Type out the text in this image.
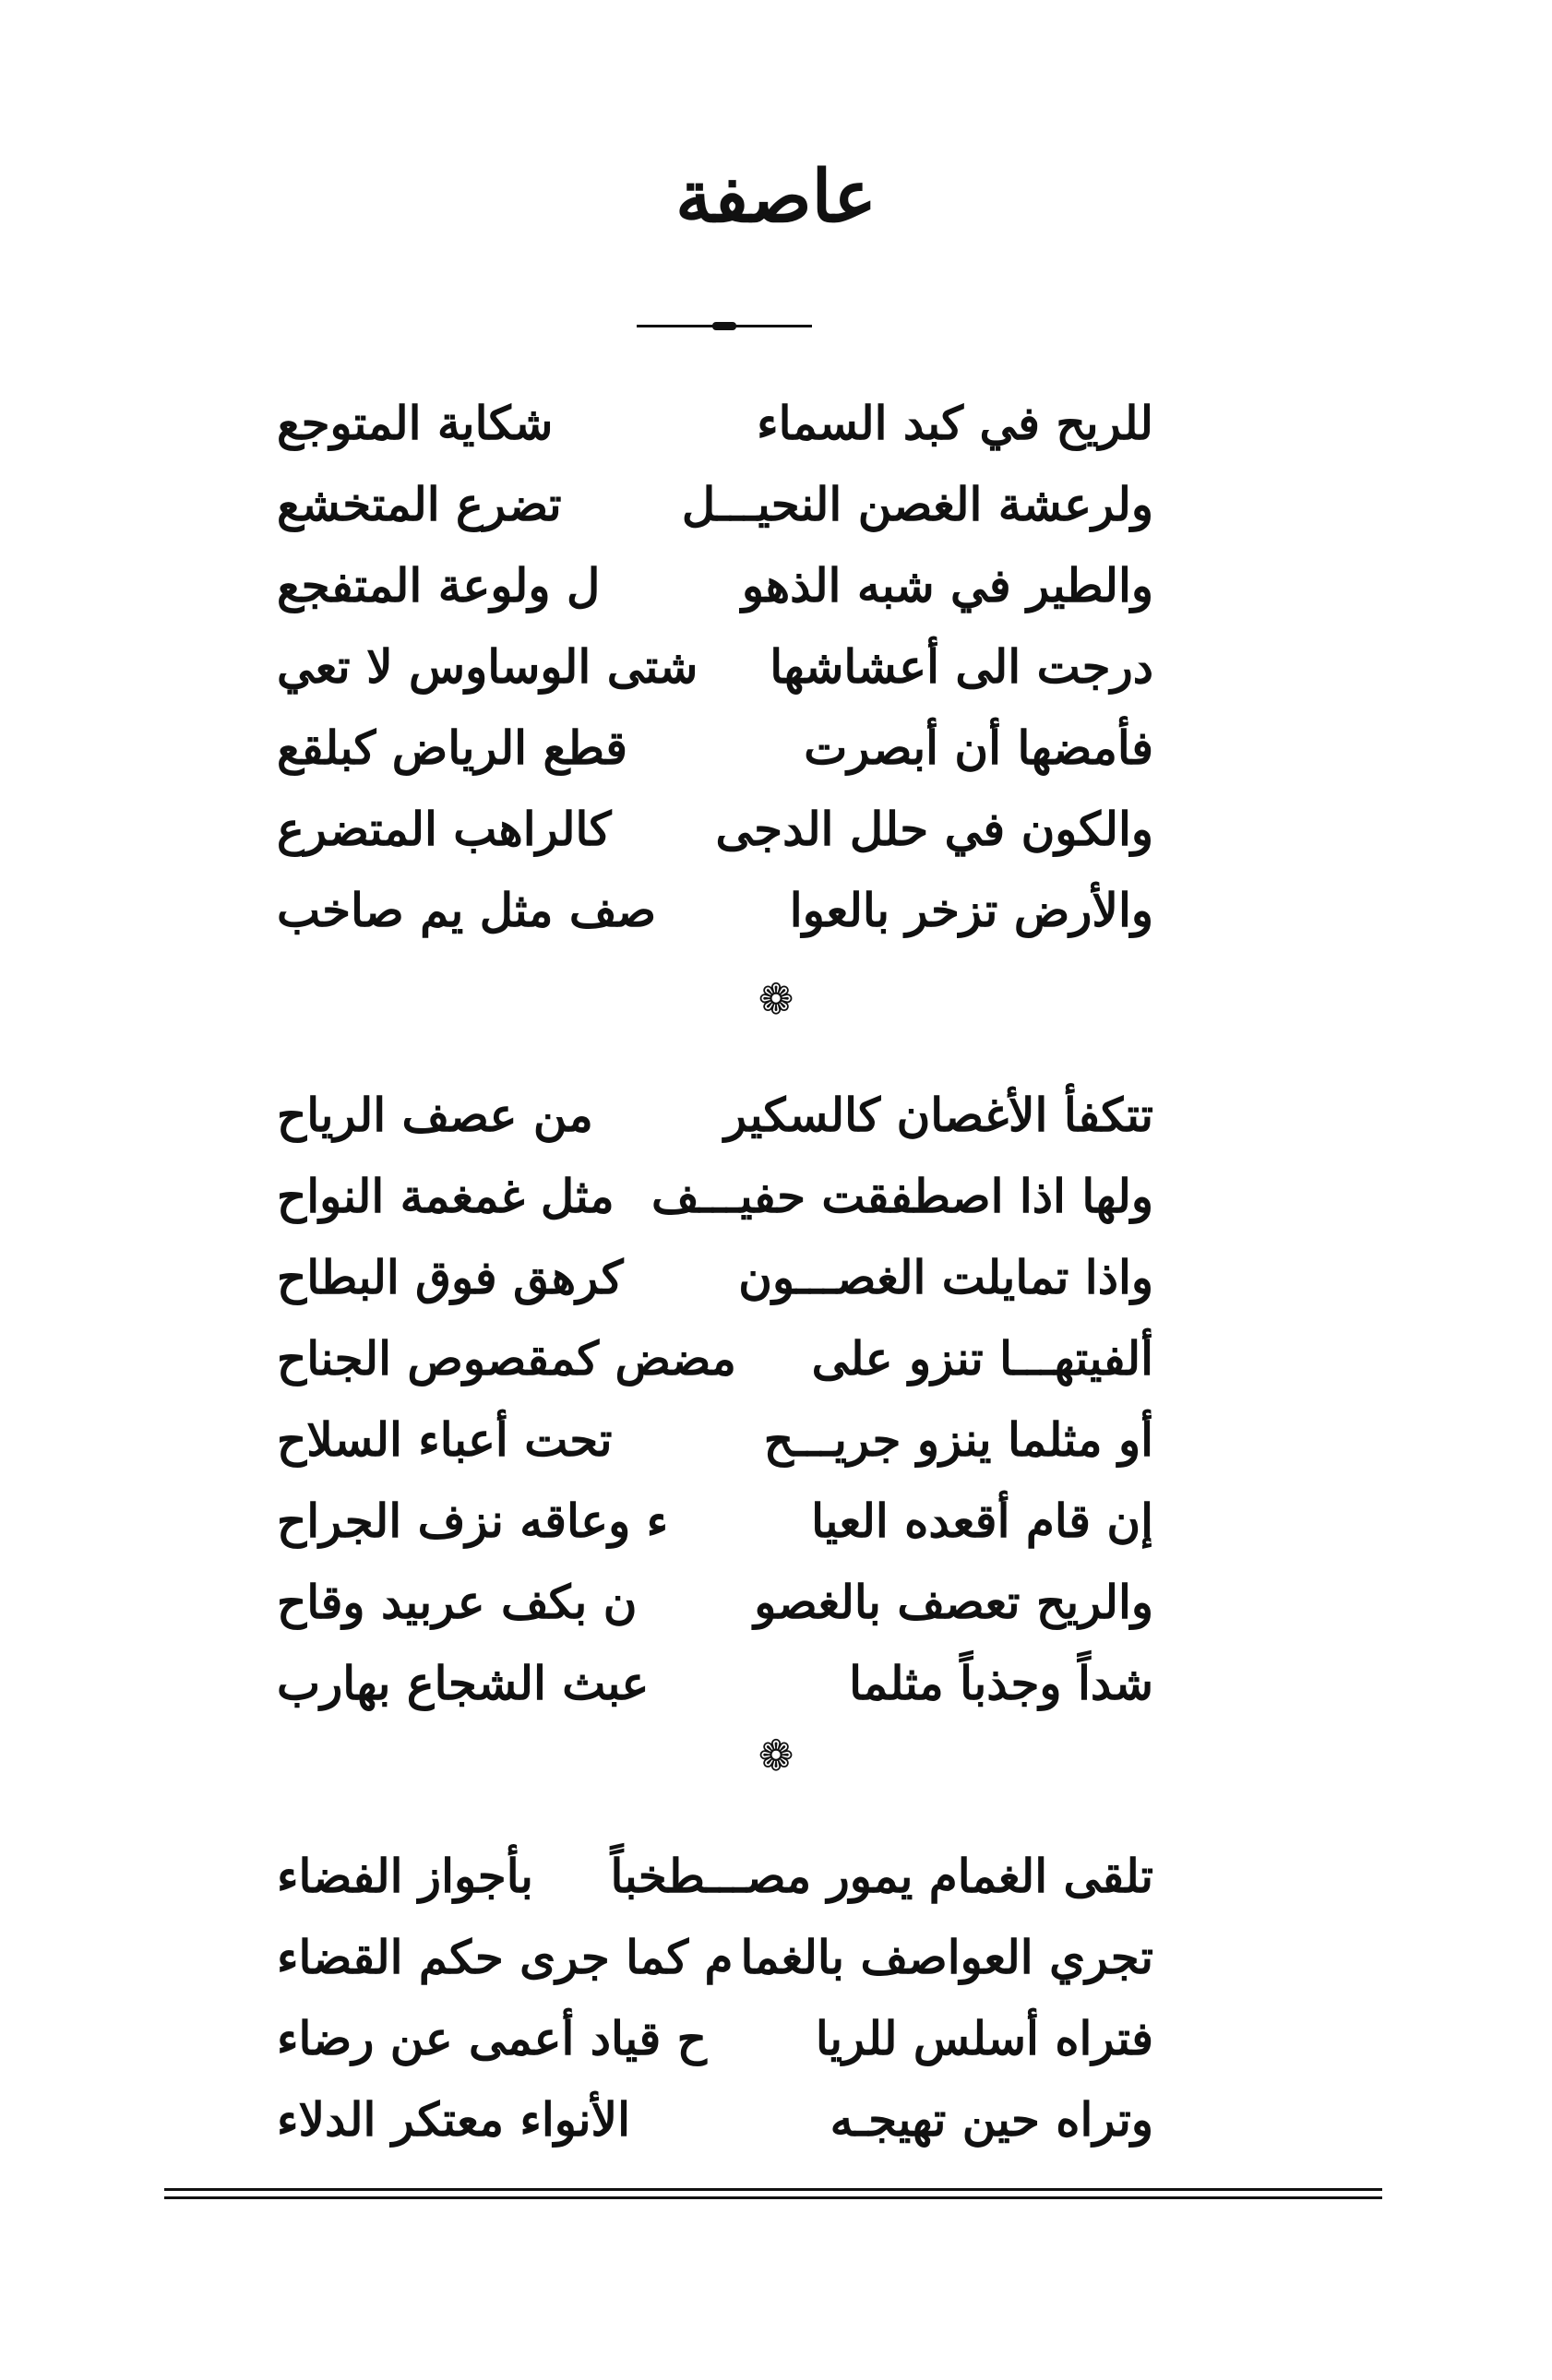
عاصفة
للريح في كبد السماء
شكاية المتوجع
ولرعشة الغصن النحيـــل
تضرع المتخشع
والطير في شبه الذهو
ل ولوعة المتفجع
درجت الى أعشاشها
شتى الوساوس لا تعي
فأمضها أن أبصرت
قطع الرياض كبلقع
والكون في حلل الدجى
كالراهب المتضرع
والأرض تزخر بالعوا
صف مثل يم صاخب
❁
تتكفأ الأغصان كالسكير
من عصف الرياح
ولها اذا اصطفقت حفيـــف
مثل غمغمة النواح
واذا تمايلت الغصـــون
كرهق فوق البطاح
ألفيتهـــا تنزو على
مضض كمقصوص الجناح
أو مثلما ينزو جريـــح
تحت أعباء السلاح
إن قام أقعده العيا
ء وعاقه نزف الجراح
والريح تعصف بالغصو
ن بكف عربيد وقاح
شداً وجذباً مثلما
عبث الشجاع بهارب
❁
تلقى الغمام يمور مصـــطخباً
بأجواز الفضاء
تجري العواصف بالغما
م كما جرى حكم القضاء
فتراه أسلس للريا
ح قياد أعمى عن رضاء
وتراه حين تهيجـه
الأنواء معتكر الدلاء
